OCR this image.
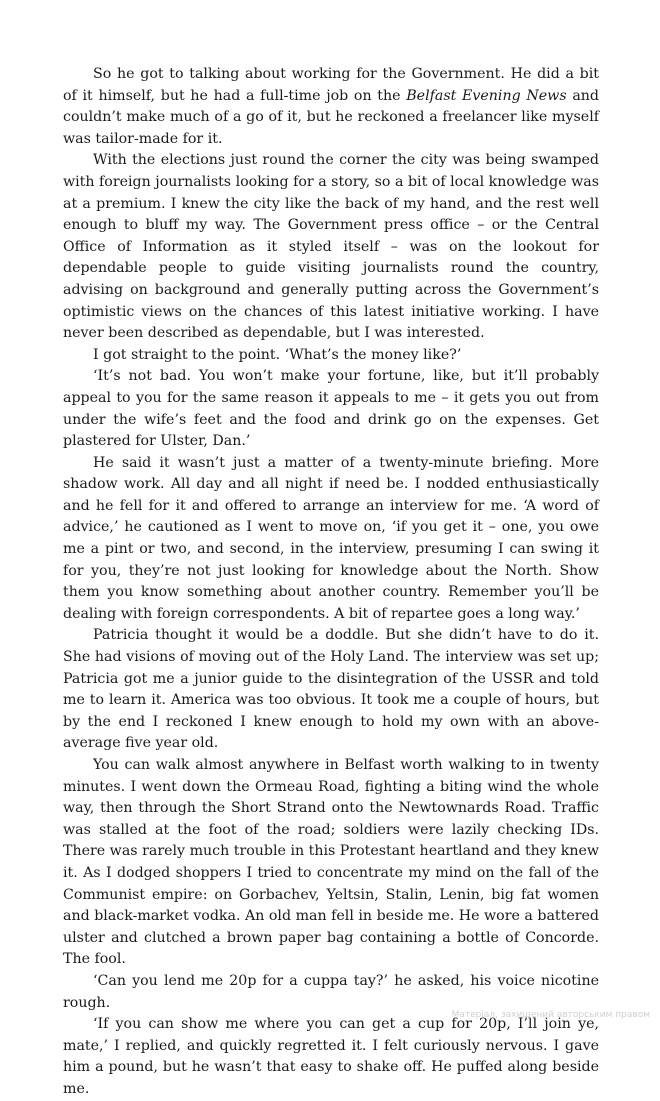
So he got to talking about working for the Government. He did a bit of it himself, but he had a full-time job on the Belfast Evening News and couldn’t make much of a go of it, but he reckoned a freelancer like myself was tailor-made for it.

With the elections just round the corner the city was being swamped with foreign journalists looking for a story, so a bit of local knowledge was at a premium. I knew the city like the back of my hand, and the rest well enough to bluff my way. The Government press office – or the Central Office of Information as it styled itself – was on the lookout for dependable people to guide visiting journalists round the country, advising on background and generally putting across the Government’s optimistic views on the chances of this latest initiative working. I have never been described as dependable, but I was interested.

I got straight to the point. ‘What’s the money like?’

‘It’s not bad. You won’t make your fortune, like, but it’ll probably appeal to you for the same reason it appeals to me – it gets you out from under the wife’s feet and the food and drink go on the expenses. Get plastered for Ulster, Dan.’

He said it wasn’t just a matter of a twenty-minute briefing. More shadow work. All day and all night if need be. I nodded enthusiastically and he fell for it and offered to arrange an interview for me. ‘A word of advice,’ he cautioned as I went to move on, ‘if you get it – one, you owe me a pint or two, and second, in the interview, presuming I can swing it for you, they’re not just looking for knowledge about the North. Show them you know something about another country. Remember you’ll be dealing with foreign correspondents. A bit of repartee goes a long way.’

Patricia thought it would be a doddle. But she didn’t have to do it. She had visions of moving out of the Holy Land. The interview was set up; Patricia got me a junior guide to the disintegration of the USSR and told me to learn it. America was too obvious. It took me a couple of hours, but by the end I reckoned I knew enough to hold my own with an above-average five year old.

You can walk almost anywhere in Belfast worth walking to in twenty minutes. I went down the Ormeau Road, fighting a biting wind the whole way, then through the Short Strand onto the Newtownards Road. Traffic was stalled at the foot of the road; soldiers were lazily checking IDs. There was rarely much trouble in this Protestant heartland and they knew it. As I dodged shoppers I tried to concentrate my mind on the fall of the Communist empire: on Gorbachev, Yeltsin, Stalin, Lenin, big fat women and black-market vodka. An old man fell in beside me. He wore a battered ulster and clutched a brown paper bag containing a bottle of Concorde. The fool.

‘Can you lend me 20p for a cuppa tay?’ he asked, his voice nicotine rough.

‘If you can show me where you can get a cup for 20p, I’ll join ye, mate,’ I replied, and quickly regretted it. I felt curiously nervous. I gave him a pound, but he wasn’t that easy to shake off. He puffed along beside me.

Матеріал, захищений авторським правом
